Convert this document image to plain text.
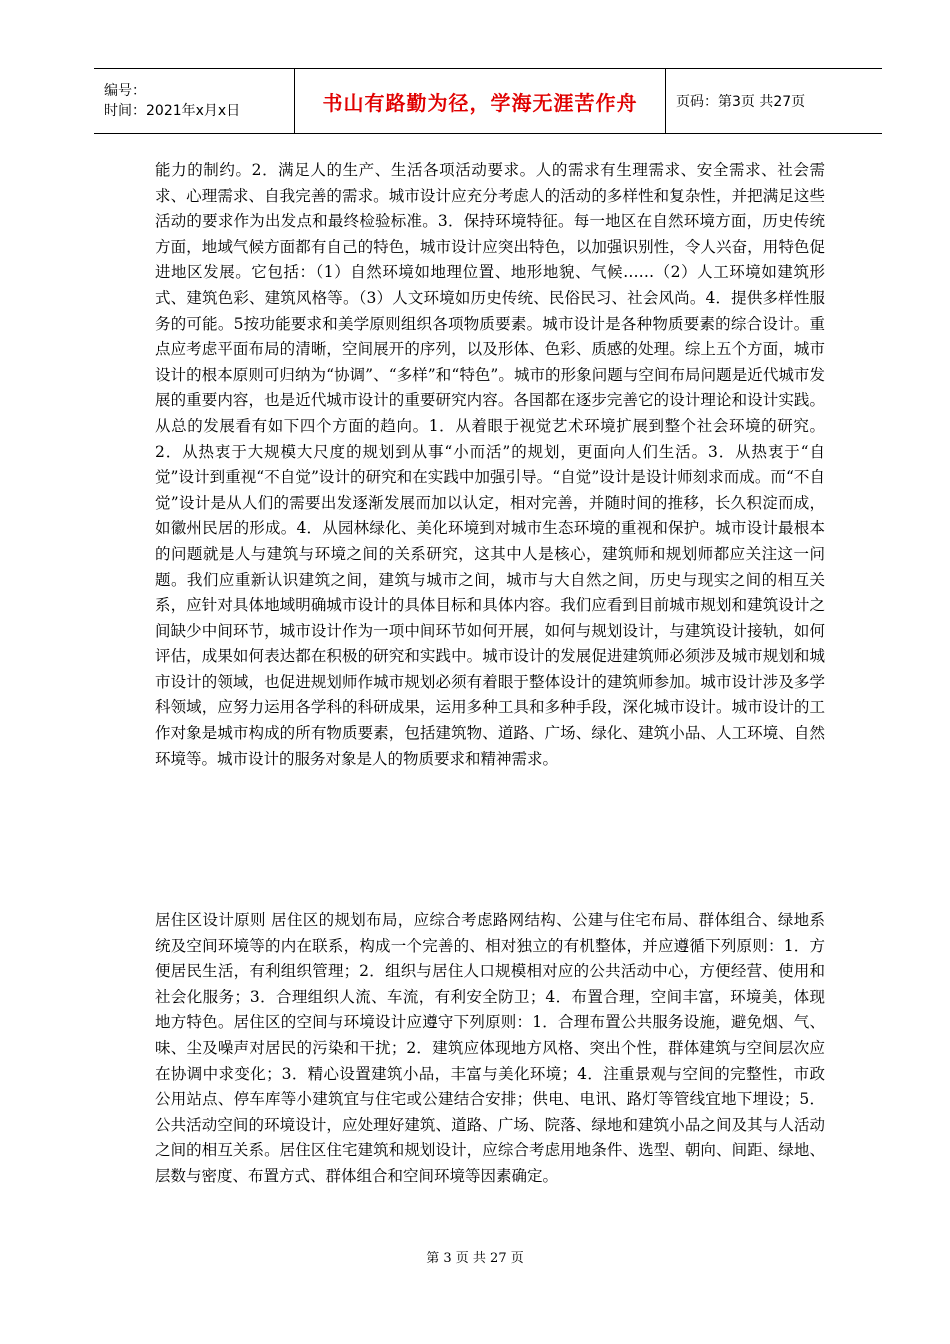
编号：
时间：2021年x月x日	书山有路勤为径，学海无涯苦作舟	页码：第3页 共27页

能力的制约。2．满足人的生产、生活各项活动要求。人的需求有生理需求、安全需求、社会需求、心理需求、自我完善的需求。城市设计应充分考虑人的活动的多样性和复杂性，并把满足这些活动的要求作为出发点和最终检验标准。3．保持环境特征。每一地区在自然环境方面，历史传统方面，地域气候方面都有自己的特色，城市设计应突出特色，以加强识别性，令人兴奋，用特色促进地区发展。它包括：（1）自然环境如地理位置、地形地貌、气候……（2）人工环境如建筑形式、建筑色彩、建筑风格等。（3）人文环境如历史传统、民俗民习、社会风尚。4．提供多样性服务的可能。5按功能要求和美学原则组织各项物质要素。城市设计是各种物质要素的综合设计。重点应考虑平面布局的清晰，空间展开的序列，以及形体、色彩、质感的处理。综上五个方面，城市设计的根本原则可归纳为“协调”、“多样”和“特色”。城市的形象问题与空间布局问题是近代城市发展的重要内容，也是近代城市设计的重要研究内容。各国都在逐步完善它的设计理论和设计实践。从总的发展看有如下四个方面的趋向。1．从着眼于视觉艺术环境扩展到整个社会环境的研究。2．从热衷于大规模大尺度的规划到从事“小而活”的规划，更面向人们生活。3．从热衷于“自觉”设计到重视“不自觉”设计的研究和在实践中加强引导。“自觉”设计是设计师刻求而成。而“不自觉”设计是从人们的需要出发逐渐发展而加以认定，相对完善，并随时间的推移，长久积淀而成，如徽州民居的形成。4．从园林绿化、美化环境到对城市生态环境的重视和保护。城市设计最根本的问题就是人与建筑与环境之间的关系研究，这其中人是核心，建筑师和规划师都应关注这一问题。我们应重新认识建筑之间，建筑与城市之间，城市与大自然之间，历史与现实之间的相互关系，应针对具体地域明确城市设计的具体目标和具体内容。我们应看到目前城市规划和建筑设计之间缺少中间环节，城市设计作为一项中间环节如何开展，如何与规划设计，与建筑设计接轨，如何评估，成果如何表达都在积极的研究和实践中。城市设计的发展促进建筑师必须涉及城市规划和城市设计的领域，也促进规划师作城市规划必须有着眼于整体设计的建筑师参加。城市设计涉及多学科领域，应努力运用各学科的科研成果，运用多种工具和多种手段，深化城市设计。城市设计的工作对象是城市构成的所有物质要素，包括建筑物、道路、广场、绿化、建筑小品、人工环境、自然环境等。城市设计的服务对象是人的物质要求和精神需求。

居住区设计原则 居住区的规划布局，应综合考虑路网结构、公建与住宅布局、群体组合、绿地系统及空间环境等的内在联系，构成一个完善的、相对独立的有机整体，并应遵循下列原则：1．方便居民生活，有利组织管理；2．组织与居住人口规模相对应的公共活动中心，方便经营、使用和社会化服务；3．合理组织人流、车流，有利安全防卫；4．布置合理，空间丰富，环境美，体现地方特色。居住区的空间与环境设计应遵守下列原则：1．合理布置公共服务设施，避免烟、气、味、尘及噪声对居民的污染和干扰；2．建筑应体现地方风格、突出个性，群体建筑与空间层次应在协调中求变化；3．精心设置建筑小品，丰富与美化环境；4．注重景观与空间的完整性，市政公用站点、停车库等小建筑宜与住宅或公建结合安排；供电、电讯、路灯等管线宜地下埋设；5．公共活动空间的环境设计，应处理好建筑、道路、广场、院落、绿地和建筑小品之间及其与人活动之间的相互关系。居住区住宅建筑和规划设计，应综合考虑用地条件、选型、朝向、间距、绿地、层数与密度、布置方式、群体组合和空间环境等因素确定。

第 3 页 共 27 页
